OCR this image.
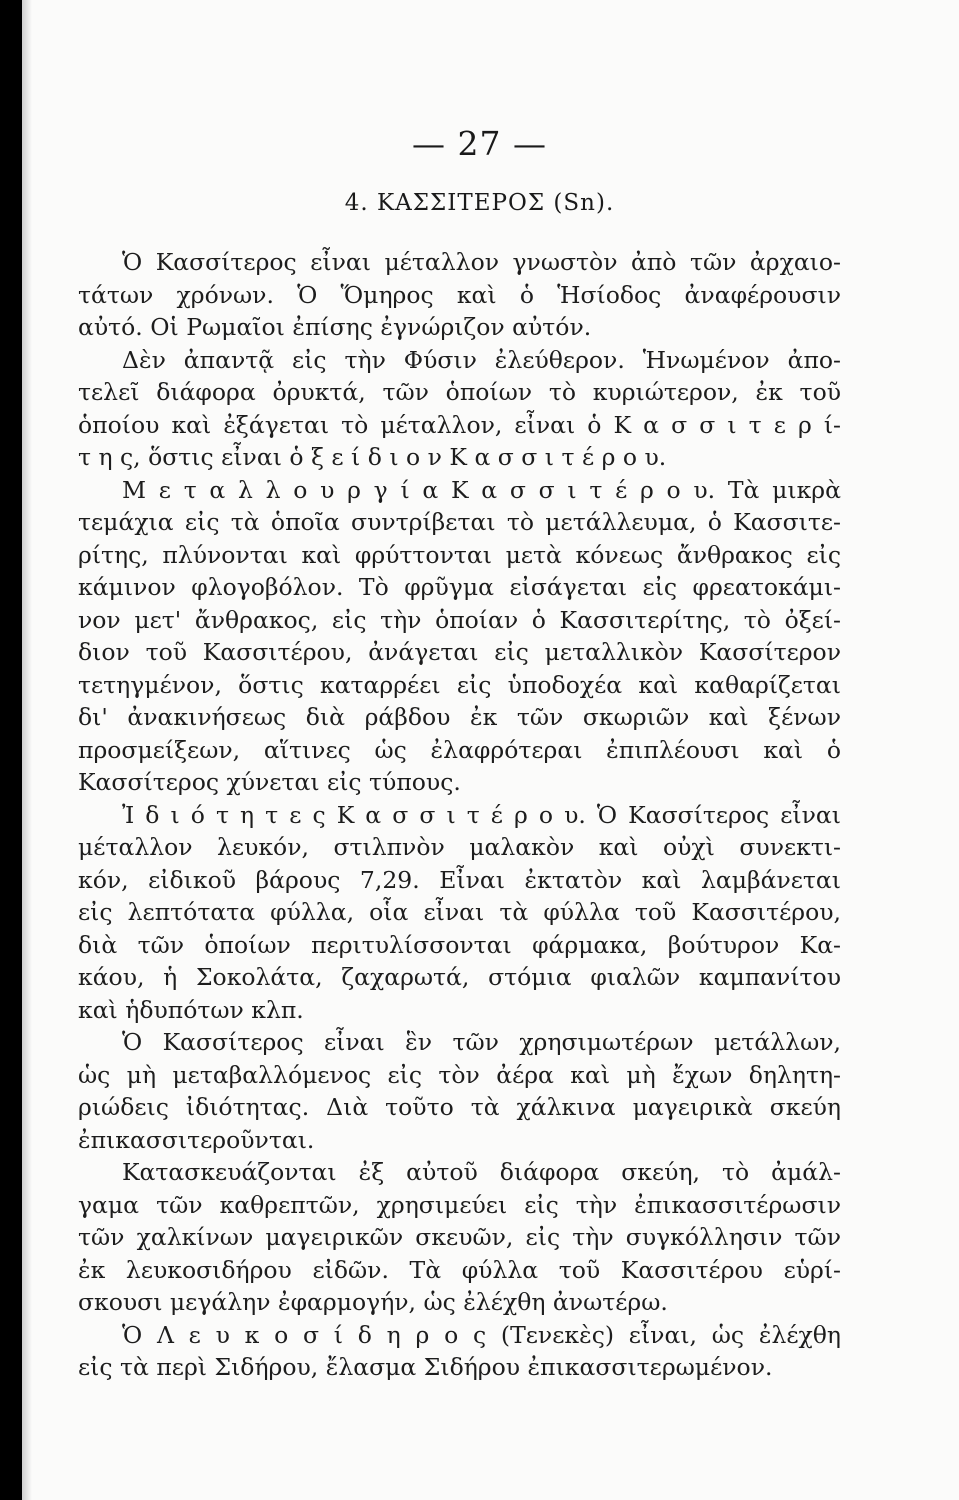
— 27 —
4. ΚΑΣΣΙΤΕΡΟΣ (Sn).
Ὁ Κασσίτερος εἶναι μέταλλον γνωστὸν ἀπὸ τῶν ἀρχαιο-
τάτων χρόνων. Ὁ Ὅμηρος καὶ ὁ Ἡσίοδος ἀναφέρουσιν
αὐτό. Οἱ Ρωμαῖοι ἐπίσης ἐγνώριζον αὐτόν.
Δὲν ἀπαντᾷ εἰς τὴν Φύσιν ἐλεύθερον. Ἡνωμένον ἀπο-
τελεῖ διάφορα ὀρυκτά, τῶν ὁποίων τὸ κυριώτερον, ἐκ τοῦ
ὁποίου καὶ ἐξάγεται τὸ μέταλλον, εἶναι ὁ Κ α σ σ ι τ ε ρ ί-
τ η ς, ὅστις εἶναι ὁ ξ ε ί δ ι ο ν Κ α σ σ ι τ έ ρ ο υ.
Μ ε τ α λ λ ο υ ρ γ ί α Κ α σ σ ι τ έ ρ ο υ. Τὰ μικρὰ
τεμάχια εἰς τὰ ὁποῖα συντρίβεται τὸ μετάλλευμα, ὁ Κασσιτε-
ρίτης, πλύνονται καὶ φρύττονται μετὰ κόνεως ἄνθρακος εἰς
κάμινον φλογοβόλον. Τὸ φρῦγμα εἰσάγεται εἰς φρεατοκάμι-
νον μετ' ἄνθρακος, εἰς τὴν ὁποίαν ὁ Κασσιτερίτης, τὸ ὀξεί-
διον τοῦ Κασσιτέρου, ἀνάγεται εἰς μεταλλικὸν Κασσίτερον
τετηγμένον, ὅστις καταρρέει εἰς ὑποδοχέα καὶ καθαρίζεται
δι' ἀνακινήσεως διὰ ράβδου ἐκ τῶν σκωριῶν καὶ ξένων
προσμείξεων, αἵτινες ὡς ἐλαφρότεραι ἐπιπλέουσι καὶ ὁ
Κασσίτερος χύνεται εἰς τύπους.
Ἰ δ ι ό τ η τ ε ς Κ α σ σ ι τ έ ρ ο υ. Ὁ Κασσίτερος εἶναι
μέταλλον λευκόν, στιλπνὸν μαλακὸν καὶ οὐχὶ συνεκτι-
κόν, εἰδικοῦ βάρους 7,29. Εἶναι ἐκτατὸν καὶ λαμβάνεται
εἰς λεπτότατα φύλλα, οἷα εἶναι τὰ φύλλα τοῦ Κασσιτέρου,
διὰ τῶν ὁποίων περιτυλίσσονται φάρμακα, βούτυρον Κα-
κάου, ἡ Σοκολάτα, ζαχαρωτά, στόμια φιαλῶν καμπανίτου
καὶ ἡδυπότων κλπ.
Ὁ Κασσίτερος εἶναι ἓν τῶν χρησιμωτέρων μετάλλων,
ὡς μὴ μεταβαλλόμενος εἰς τὸν ἀέρα καὶ μὴ ἔχων δηλητη-
ριώδεις ἰδιότητας. Διὰ τοῦτο τὰ χάλκινα μαγειρικὰ σκεύη
ἐπικασσιτεροῦνται.
Κατασκευάζονται ἐξ αὐτοῦ διάφορα σκεύη, τὸ ἀμάλ-
γαμα τῶν καθρεπτῶν, χρησιμεύει εἰς τὴν ἐπικασσιτέρωσιν
τῶν χαλκίνων μαγειρικῶν σκευῶν, εἰς τὴν συγκόλλησιν τῶν
ἐκ λευκοσιδήρου εἰδῶν. Τὰ φύλλα τοῦ Κασσιτέρου εὑρί-
σκουσι μεγάλην ἐφαρμογήν, ὡς ἐλέχθη ἀνωτέρω.
Ὁ Λ ε υ κ ο σ ί δ η ρ ο ς (Τενεκὲς) εἶναι, ὡς ἐλέχθη
εἰς τὰ περὶ Σιδήρου, ἔλασμα Σιδήρου ἐπικασσιτερωμένον.
